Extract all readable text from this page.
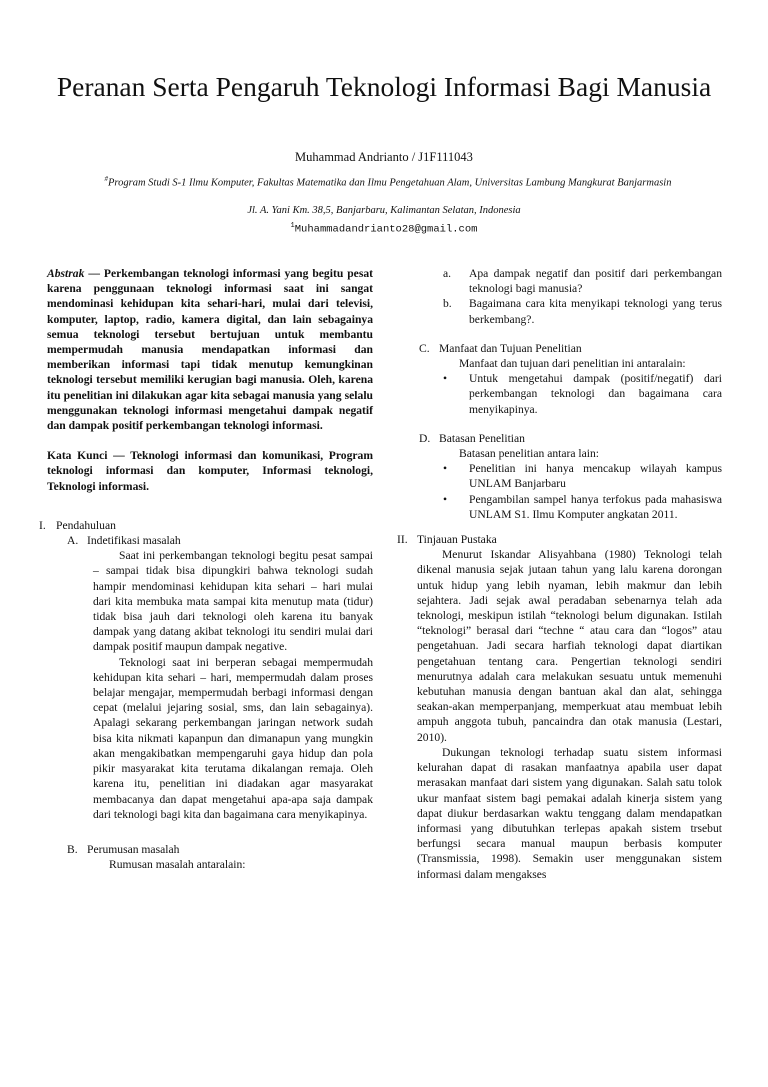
Peranan Serta Pengaruh Teknologi Informasi Bagi Manusia
Muhammad Andrianto / J1F111043
#Program Studi S-1 Ilmu Komputer, Fakultas Matematika dan Ilmu Pengetahuan Alam, Universitas Lambung Mangkurat Banjarmasin
Jl. A. Yani Km. 38,5, Banjarbaru, Kalimantan Selatan, Indonesia
$^1$Muhammadandrianto28@gmail.com

Abstrak — Perkembangan teknologi informasi yang begitu pesat karena penggunaan teknologi informasi saat ini sangat mendominasi kehidupan kita sehari-hari, mulai dari televisi, komputer, laptop, radio, kamera digital, dan lain sebagainya semua teknologi tersebut bertujuan untuk membantu mempermudah manusia mendapatkan informasi dan memberikan informasi tapi tidak menutup kemungkinan teknologi tersebut memiliki kerugian bagi manusia. Oleh, karena itu penelitian ini dilakukan agar kita sebagai manusia yang selalu menggunakan teknologi informasi mengetahui dampak negatif dan dampak positif perkembangan teknologi informasi.

Kata Kunci — Teknologi informasi dan komunikasi, Program teknologi informasi dan komputer, Informasi teknologi, Teknologi informasi.

I. Pendahuluan
A. Indetifikasi masalah

Saat ini perkembangan teknologi begitu pesat sampai – sampai tidak bisa dipungkiri bahwa teknologi sudah hampir mendominasi kehidupan kita sehari – hari mulai dari kita membuka mata sampai kita menutup mata (tidur) tidak bisa jauh dari teknologi oleh karena itu banyak dampak yang datang akibat teknologi itu sendiri mulai dari dampak positif maupun dampak negative.

Teknologi saat ini berperan sebagai mempermudah kehidupan kita sehari – hari, mempermudah dalam proses belajar mengajar, mempermudah berbagi informasi dengan cepat (melalui jejaring sosial, sms, dan lain sebagainya). Apalagi sekarang perkembangan jaringan network sudah bisa kita nikmati kapanpun dan dimanapun yang mungkin akan mengakibatkan mempengaruhi gaya hidup dan pola pikir masyarakat kita terutama dikalangan remaja. Oleh karena itu, penelitian ini diadakan agar masyarakat membacanya dan dapat mengetahui apa-apa saja dampak dari teknologi bagi kita dan bagaimana cara menyikapinya.

B. Perumusan masalah
Rumusan masalah antaralain:
a.	Apa dampak negatif dan positif dari perkembangan teknologi bagi manusia?
b.	Bagaimana cara kita menyikapi teknologi yang terus berkembang?.
C. Manfaat dan Tujuan Penelitian
Manfaat dan tujuan dari penelitian ini antaralain:
•	Untuk mengetahui dampak (positif/negatif) dari perkembangan teknologi dan bagaimana cara menyikapinya.
D. Batasan Penelitian
Batasan penelitian antara lain:
•	Penelitian ini hanya mencakup wilayah kampus UNLAM Banjarbaru
•	Pengambilan sampel hanya terfokus pada mahasiswa UNLAM S1. Ilmu Komputer angkatan 2011.
II. Tinjauan Pustaka

Menurut Iskandar Alisyahbana (1980) Teknologi telah dikenal manusia sejak jutaan tahun yang lalu karena dorongan untuk hidup yang lebih nyaman, lebih makmur dan lebih sejahtera. Jadi sejak awal peradaban sebenarnya telah ada teknologi, meskipun istilah “teknologi belum digunakan. Istilah “teknologi” berasal dari “techne “ atau cara dan “logos” atau pengetahuan. Jadi secara harfiah teknologi dapat diartikan pengetahuan tentang cara. Pengertian teknologi sendiri menurutnya adalah cara melakukan sesuatu untuk memenuhi kebutuhan manusia dengan bantuan akal dan alat, sehingga seakan-akan memperpanjang, memperkuat atau membuat lebih ampuh anggota tubuh, pancaindra dan otak manusia (Lestari, 2010).

Dukungan teknologi terhadap suatu sistem informasi kelurahan dapat di rasakan manfaatnya apabila user dapat merasakan manfaat dari sistem yang digunakan. Salah satu tolok ukur manfaat sistem bagi pemakai adalah kinerja sistem yang dapat diukur berdasarkan waktu tenggang dalam mendapatkan informasi yang dibutuhkan terlepas apakah sistem trsebut berfungsi secara manual maupun berbasis komputer (Transmissia, 1998). Semakin user menggunakan sistem informasi dalam mengakses
